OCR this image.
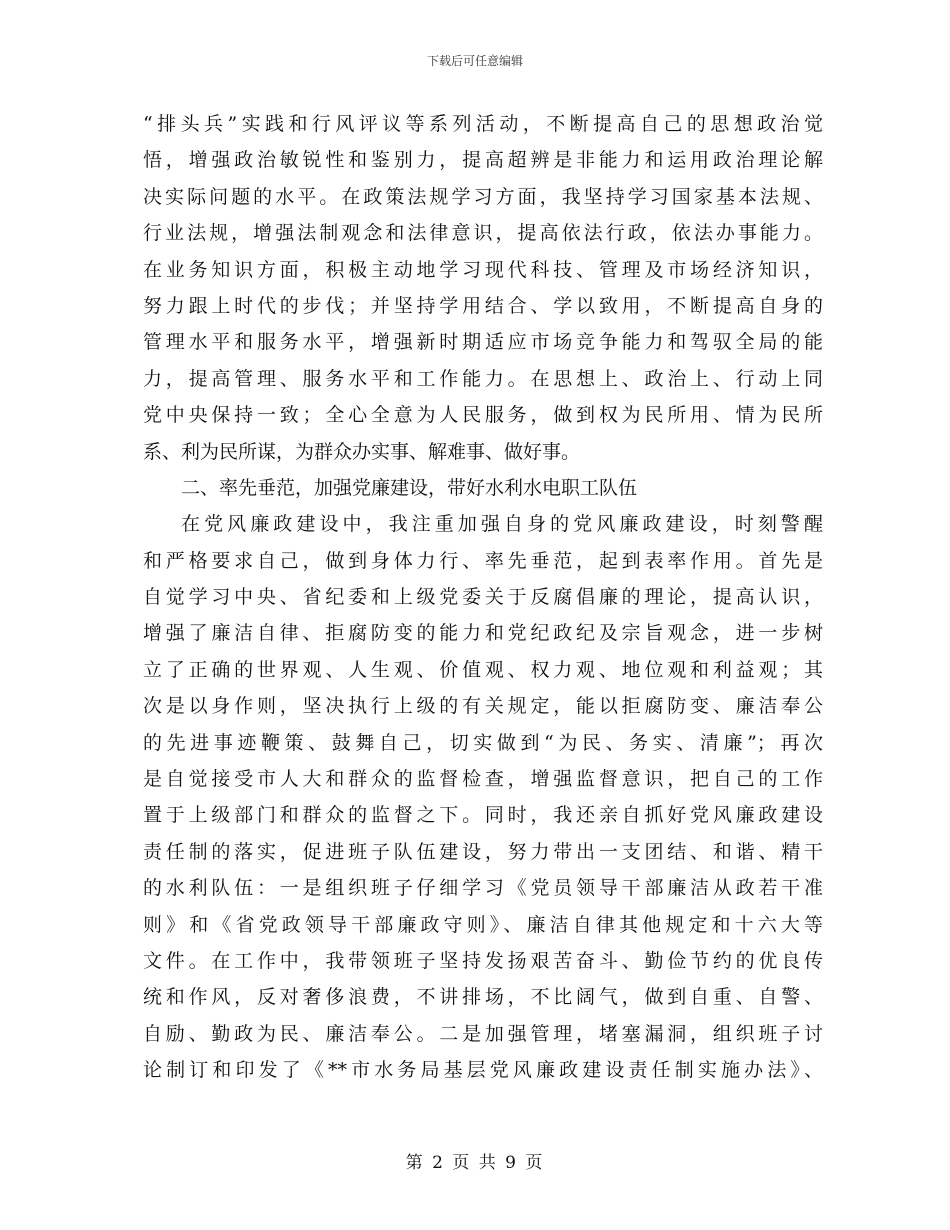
下载后可任意编辑
“排头兵”实践和行风评议等系列活动，不断提高自己的思想政治觉
悟，增强政治敏锐性和鉴别力，提高超辨是非能力和运用政治理论解
决实际问题的水平。在政策法规学习方面，我坚持学习国家基本法规、
行业法规，增强法制观念和法律意识，提高依法行政，依法办事能力。
在业务知识方面，积极主动地学习现代科技、管理及市场经济知识，
努力跟上时代的步伐；并坚持学用结合、学以致用，不断提高自身的
管理水平和服务水平，增强新时期适应市场竞争能力和驾驭全局的能
力，提高管理、服务水平和工作能力。在思想上、政治上、行动上同
党中央保持一致；全心全意为人民服务，做到权为民所用、情为民所
系、利为民所谋，为群众办实事、解难事、做好事。
二、率先垂范，加强党廉建设，带好水利水电职工队伍
在党风廉政建设中，我注重加强自身的党风廉政建设，时刻警醒
和严格要求自己，做到身体力行、率先垂范，起到表率作用。首先是
自觉学习中央、省纪委和上级党委关于反腐倡廉的理论，提高认识，
增强了廉洁自律、拒腐防变的能力和党纪政纪及宗旨观念，进一步树
立了正确的世界观、人生观、价值观、权力观、地位观和利益观；其
次是以身作则，坚决执行上级的有关规定，能以拒腐防变、廉洁奉公
的先进事迹鞭策、鼓舞自己，切实做到“为民、务实、清廉”；再次
是自觉接受市人大和群众的监督检查，增强监督意识，把自己的工作
置于上级部门和群众的监督之下。同时，我还亲自抓好党风廉政建设
责任制的落实，促进班子队伍建设，努力带出一支团结、和谐、精干
的水利队伍：一是组织班子仔细学习《党员领导干部廉洁从政若干准
则》和《省党政领导干部廉政守则》、廉洁自律其他规定和十六大等
文件。在工作中，我带领班子坚持发扬艰苦奋斗、勤俭节约的优良传
统和作风，反对奢侈浪费，不讲排场，不比阔气，做到自重、自警、
自励、勤政为民、廉洁奉公。二是加强管理，堵塞漏洞，组织班子讨
论制订和印发了《**市水务局基层党风廉政建设责任制实施办法》、
第 2 页 共 9 页
